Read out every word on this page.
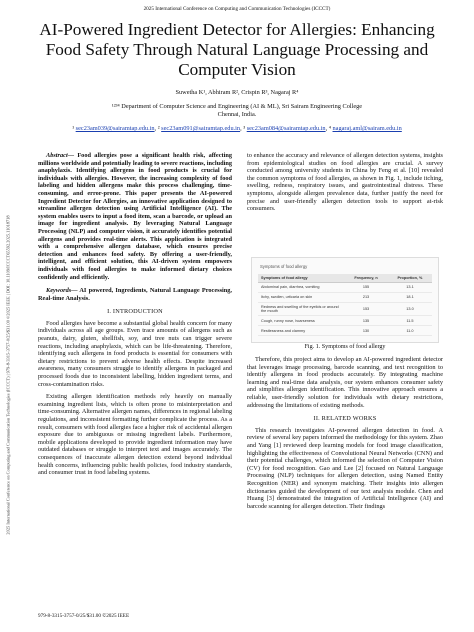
2025 International Conference on Computing and Communication Technologies (ICCCT)
AI-Powered Ingredient Detector for Allergies: Enhancing Food Safety Through Natural Language Processing and Computer Vision
Suwetha K¹, Abhiram R², Crispin R³, Nagaraj R⁴
¹²³⁴ Department of Computer Science and Engineering (AI & ML), Sri Sairam Engineering College
Chennai, India.
¹ sec23am039@sairamtap.edu.in, ² sec23am091@sairamtap.edu.in, ³ sec23am084@sairamtap.edu.in, ⁴ nagaraj.aml@sairam.edu.in
2025 International Conference on Computing and Communication Technologies (ICCCT) | 979-8-3315-3757-0/25/$31.00 ©2025 IEEE | DOI: 10.1109/ICCCT65592.2025.11018718

Abstract— Food allergies pose a significant health risk, affecting millions worldwide and potentially leading to severe reactions, including anaphylaxis. Identifying allergens in food products is crucial for individuals with allergies. However, the increasing complexity of food labeling and hidden allergens make this process challenging, time-consuming, and error-prone. This paper presents the AI-powered Ingredient Detector for Allergies, an innovative application designed to streamline allergen detection using Artificial Intelligence (AI). The system enables users to input a food item, scan a barcode, or upload an image for ingredient analysis. By leveraging Natural Language Processing (NLP) and computer vision, it accurately identifies potential allergens and provides real-time alerts. This application is integrated with a comprehensive allergen database, which ensures precise detection and enhances food safety. By offering a user-friendly, intelligent, and efficient solution, this AI-driven system empowers individuals with food allergies to make informed dietary choices confidently and efficiently.

Keywords— AI powered, Ingredients, Natural Language Processing, Real-time Analysis.

I. INTRODUCTION

Food allergies have become a substantial global health concern for many individuals across all age groups. Even trace amounts of allergens such as peanuts, dairy, gluten, shellfish, soy, and tree nuts can trigger severe reactions, including anaphylaxis, which can be life-threatening. Therefore, identifying such allergens in food products is essential for consumers with dietary restrictions to prevent adverse health effects. Despite increased awareness, many consumers struggle to identify allergens in packaged and processed foods due to inconsistent labelling, hidden ingredient terms, and cross-contamination risks.

Existing allergen identification methods rely heavily on manually examining ingredient lists, which is often prone to misinterpretation and time-consuming. Alternative allergen names, differences in regional labeling regulations, and inconsistent formatting further complicate the process. As a result, consumers with food allergies face a higher risk of accidental allergen exposure due to ambiguous or missing ingredient labels. Furthermore, mobile applications developed to provide ingredient information may have outdated databases or struggle to interpret text and images accurately. The consequences of inaccurate allergen detection extend beyond individual health concerns, influencing public health policies, food industry standards, and consumer trust in food labeling systems.

to enhance the accuracy and relevance of allergen detection systems, insights from epidemiological studies on food allergies are crucial. A survey conducted among university students in China by Feng et al. [10] revealed the common symptoms of food allergies, as shown in Fig. 1, include itching, swelling, redness, respiratory issues, and gastrointestinal distress. These symptoms, alongside allergen prevalence data, further justify the need for precise and user-friendly allergen detection tools to support at-risk consumers.

Symptoms of food allergy
Symptoms of food allergy	Frequency, n	Proportion, %
Abdominal pain, diarrhea, vomiting	155	13.1
Itchy, swollen, urticaria on skin	213	18.1
Redness and swelling of the eyelids or around the mouth	153	13.0
Cough, runny nose, hoarseness	135	11.5
Restlessness and clammy	130	11.0
Fig. 1. Symptoms of food allergy

Therefore, this project aims to develop an AI-powered ingredient detector that leverages image processing, barcode scanning, and text recognition to identify allergens in food products accurately. By integrating machine learning and real-time data analysis, our system enhances consumer safety and simplifies allergen identification. This innovative approach ensures a reliable, user-friendly solution for individuals with dietary restrictions, addressing the limitations of existing methods.

II. RELATED WORKS

This research investigates AI-powered allergen detection in food. A review of several key papers informed the methodology for this system. Zhao and Yang [1] reviewed deep learning models for food image classification, highlighting the effectiveness of Convolutional Neural Networks (CNN) and their potential challenges, which informed the selection of Computer Vision (CV) for food recognition. Gao and Lee [2] focused on Natural Language Processing (NLP) techniques for allergen detection, using Named Entity Recognition (NER) and synonym matching. Their insights into allergen dictionaries guided the development of our text analysis module. Chen and Huang [3] demonstrated the integration of Artificial Intelligence (AI) and barcode scanning for allergen detection. Their findings

979-8-3315-3757-0/25/$31.00 ©2025 IEEE
